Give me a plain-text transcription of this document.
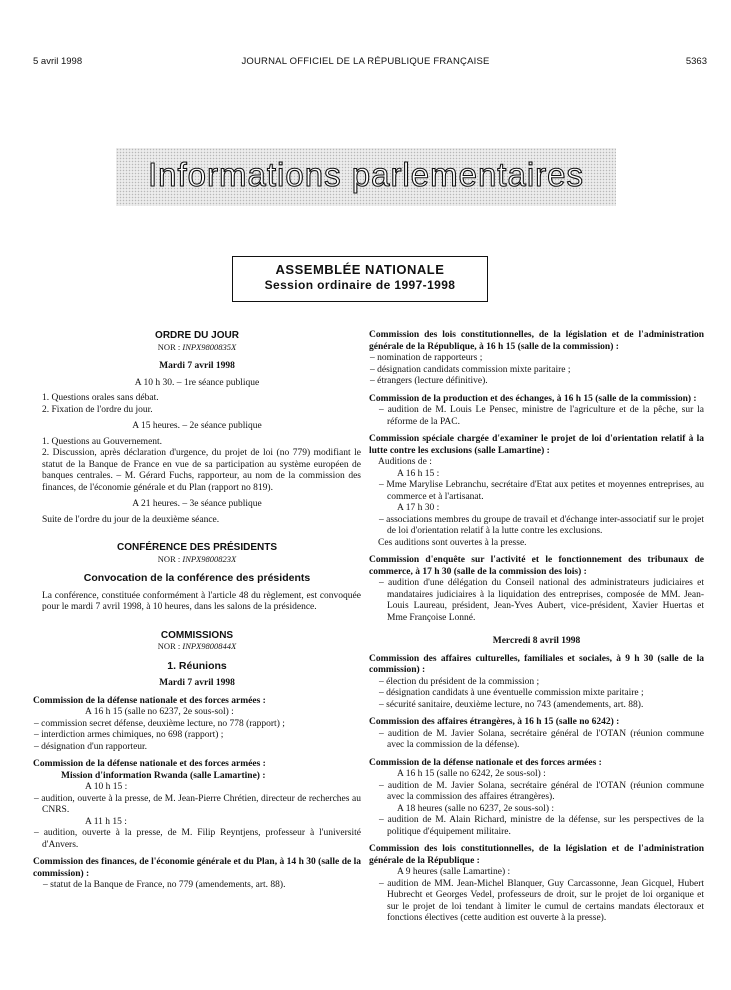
5 avril 1998	JOURNAL OFFICIEL DE LA RÉPUBLIQUE FRANÇAISE	5363
Informations parlementaires
ASSEMBLÉE NATIONALE
Session ordinaire de 1997-1998
ORDRE DU JOUR
NOR : INPX9800835X
Mardi 7 avril 1998
A 10 h 30. – 1re séance publique
1. Questions orales sans débat.
2. Fixation de l'ordre du jour.
A 15 heures. – 2e séance publique
1. Questions au Gouvernement.
2. Discussion, après déclaration d'urgence, du projet de loi (no 779) modifiant le statut de la Banque de France en vue de sa participation au système européen de banques centrales. – M. Gérard Fuchs, rapporteur, au nom de la commission des finances, de l'économie générale et du Plan (rapport no 819).
A 21 heures. – 3e séance publique
Suite de l'ordre du jour de la deuxième séance.
CONFÉRENCE DES PRÉSIDENTS
NOR : INPX9800823X
Convocation de la conférence des présidents
La conférence, constituée conformément à l'article 48 du règlement, est convoquée pour le mardi 7 avril 1998, à 10 heures, dans les salons de la présidence.
COMMISSIONS
NOR : INPX9800844X
1. Réunions
Mardi 7 avril 1998
Commission de la défense nationale et des forces armées :
A 16 h 15 (salle no 6237, 2e sous-sol) :
– commission secret défense, deuxième lecture, no 778 (rapport) ;
– interdiction armes chimiques, no 698 (rapport) ;
– désignation d'un rapporteur.
Commission de la défense nationale et des forces armées :
Mission d'information Rwanda (salle Lamartine) :
A 10 h 15 :
– audition, ouverte à la presse, de M. Jean-Pierre Chrétien, directeur de recherches au CNRS.
A 11 h 15 :
– audition, ouverte à la presse, de M. Filip Reyntjens, professeur à l'université d'Anvers.
Commission des finances, de l'économie générale et du Plan, à 14 h 30 (salle de la commission) :
– statut de la Banque de France, no 779 (amendements, art. 88).
Commission des lois constitutionnelles, de la législation et de l'administration générale de la République, à 16 h 15 (salle de la commission) :
– nomination de rapporteurs ;
– désignation candidats commission mixte paritaire ;
– étrangers (lecture définitive).
Commission de la production et des échanges, à 16 h 15 (salle de la commission) :
– audition de M. Louis Le Pensec, ministre de l'agriculture et de la pêche, sur la réforme de la PAC.
Commission spéciale chargée d'examiner le projet de loi d'orientation relatif à la lutte contre les exclusions (salle Lamartine) :
Auditions de :
A 16 h 15 :
– Mme Marylise Lebranchu, secrétaire d'Etat aux petites et moyennes entreprises, au commerce et à l'artisanat.
A 17 h 30 :
– associations membres du groupe de travail et d'échange inter-associatif sur le projet de loi d'orientation relatif à la lutte contre les exclusions.
Ces auditions sont ouvertes à la presse.
Commission d'enquête sur l'activité et le fonctionnement des tribunaux de commerce, à 17 h 30 (salle de la commission des lois) :
– audition d'une délégation du Conseil national des administrateurs judiciaires et mandataires judiciaires à la liquidation des entreprises, composée de MM. Jean-Louis Laureau, président, Jean-Yves Aubert, vice-président, Xavier Huertas et Mme Françoise Lonné.
Mercredi 8 avril 1998
Commission des affaires culturelles, familiales et sociales, à 9 h 30 (salle de la commission) :
– élection du président de la commission ;
– désignation candidats à une éventuelle commission mixte paritaire ;
– sécurité sanitaire, deuxième lecture, no 743 (amendements, art. 88).
Commission des affaires étrangères, à 16 h 15 (salle no 6242) :
– audition de M. Javier Solana, secrétaire général de l'OTAN (réunion commune avec la commission de la défense).
Commission de la défense nationale et des forces armées :
A 16 h 15 (salle no 6242, 2e sous-sol) :
– audition de M. Javier Solana, secrétaire général de l'OTAN (réunion commune avec la commission des affaires étrangères).
A 18 heures (salle no 6237, 2e sous-sol) :
– audition de M. Alain Richard, ministre de la défense, sur les perspectives de la politique d'équipement militaire.
Commission des lois constitutionnelles, de la législation et de l'administration générale de la République :
A 9 heures (salle Lamartine) :
– audition de MM. Jean-Michel Blanquer, Guy Carcassonne, Jean Gicquel, Hubert Hubrecht et Georges Vedel, professeurs de droit, sur le projet de loi organique et sur le projet de loi tendant à limiter le cumul de certains mandats électoraux et fonctions électives (cette audition est ouverte à la presse).
